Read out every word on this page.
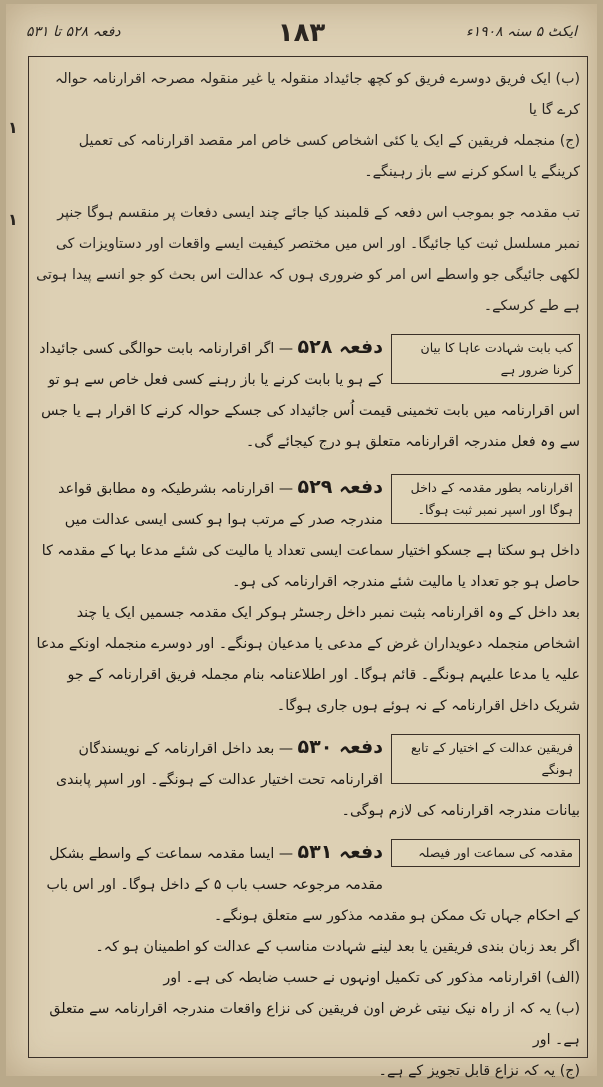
ایکٹ ۵ سنہ ۱۹۰۸ء
۱۸۳
دفعہ ۵۲۸ تا ۵۳۱
۱
۱

(ب) ایک فریق دوسرے فریق کو کچھ جائیداد منقولہ یا غیر منقولہ مصرحہ اقرارنامہ حوالہ کرے گا یا

(ج) منجملہ فریقین کے ایک یا کئی اشخاص کسی خاص امر مقصد اقرارنامہ کی تعمیل کرینگے یا اسکو کرنے سے باز رہینگے۔

تب مقدمہ جو بموجب اس دفعہ کے قلمبند کیا جائے چند ایسی دفعات پر منقسم ہوگا جنپر نمبر مسلسل ثبت کیا جائیگا۔ اور اس میں مختصر کیفیت ایسے واقعات اور دستاویزات کی لکھی جائیگی جو واسطے اس امر کو ضروری ہوں کہ عدالت اس بحث کو جو انسے پیدا ہوتی ہے طے کرسکے۔

کب بابت شہادت عاہا کا بیان کرنا ضرور ہے
دفعہ ۵۲۸ — اگر اقرارنامہ بابت حوالگی کسی جائیداد کے ہو یا بابت کرنے یا باز رہنے کسی فعل خاص سے ہو تو اس اقرارنامہ میں بابت تخمینی قیمت اُس جائیداد کی جسکے حوالہ کرنے کا اقرار ہے یا جس سے وہ فعل مندرجہ اقرارنامہ متعلق ہو درج کیجائے گی۔
اقرارنامہ بطور مقدمہ کے داخل ہوگا اور اسپر نمبر ثبت ہوگا۔
دفعہ ۵۲۹ — اقرارنامہ بشرطیکہ وہ مطابق قواعد مندرجہ صدر کے مرتب ہوا ہو کسی ایسی عدالت میں داخل ہو سکتا ہے جسکو اختیار سماعت ایسی تعداد یا مالیت کی شئے مدعا بہا کے مقدمہ کا حاصل ہو جو تعداد یا مالیت شئے مندرجہ اقرارنامہ کی ہو۔

بعد داخل کے وہ اقرارنامہ بثبت نمبر داخل رجسٹر ہوکر ایک مقدمہ جسمیں ایک یا چند اشخاص منجملہ دعویداران غرض کے مدعی یا مدعیان ہونگے۔ اور دوسرے منجملہ اونکے مدعا علیہ یا مدعا علیہم ہونگے۔ قائم ہوگا۔ اور اطلاعنامہ بنام مجملہ فریق اقرارنامہ کے جو شریک داخل اقرارنامہ کے نہ ہوئے ہوں جاری ہوگا۔

فریقین عدالت کے اختیار کے تابع ہونگے
دفعہ ۵۳۰ — بعد داخل اقرارنامہ کے نویسندگان اقرارنامہ تحت اختیار عدالت کے ہونگے۔ اور اسپر پابندی بیانات مندرجہ اقرارنامہ کی لازم ہوگی۔
مقدمہ کی سماعت اور فیصلہ
دفعہ ۵۳۱ — ایسا مقدمہ سماعت کے واسطے بشکل مقدمہ مرجوعہ حسب باب ۵ کے داخل ہوگا۔ اور اس باب کے احکام جہاں تک ممکن ہو مقدمہ مذکور سے متعلق ہونگے۔

اگر بعد زبان بندی فریقین یا بعد لینے شہادت مناسب کے عدالت کو اطمینان ہو کہ۔

(الف) اقرارنامہ مذکور کی تکمیل اونہوں نے حسب ضابطہ کی ہے۔ اور

(ب) یہ کہ از راہ نیک نیتی غرض اون فریقین کی نزاع واقعات مندرجہ اقرارنامہ سے متعلق ہے۔ اور

(ج) یہ کہ نزاع قابل تجویز کے ہے۔
